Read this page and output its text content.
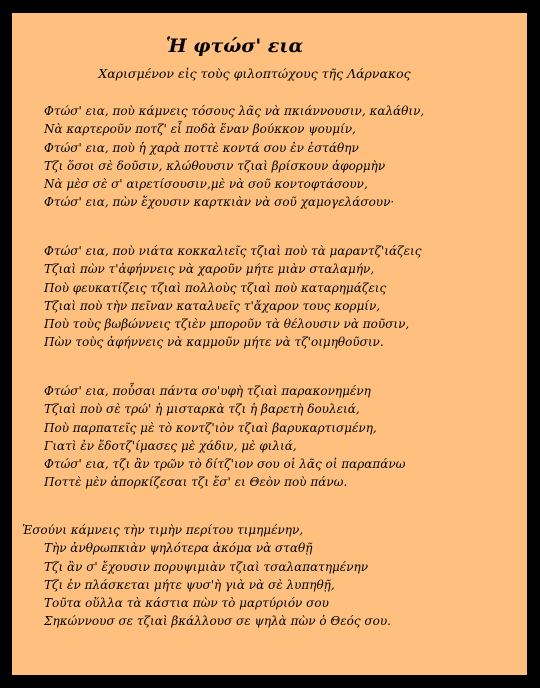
Ἡ φτώσ' εια
Χαρισμένον εἰς τοὺς φιλοπτώχους τῆς Λάρνακος
Φτώσ' εια, ποὺ κάμνεις τόσους λᾶς νὰ πκιάννουσιν, καλάθιν,
Νὰ καρτεροῦν ποτζ' εἶ ποδὰ ἕναν βούκκον ψουμίν,
Φτώσ' εια, ποὺ ἡ χαρὰ ποττὲ κοντά σου ἐν ἐστάθην
Τζι ὅσοι σὲ δοῦσιν, κλώθουσιν τζιαὶ βρίσκουν ἀφορμὴν
Νὰ μὲσ σὲ σ' αιρετίσουσιν,μὲ νὰ σοῦ κοντοφτάσουν,
Φτώσ' εια, πὼν ἔχουσιν καρτκιὰν νὰ σοῦ χαμογελάσουν·
Φτώσ' εια, ποὺ νιάτα κοκκαλιεῖς τζιαὶ ποὺ τὰ μαραντζ'ιάζεις
Τζιαὶ πὼν τ'ἀφήννεις νὰ χαροῦν μήτε μιὰν σταλαμήν,
Ποὺ φευκατίζεις τζιαὶ πολλοὺς τζιαὶ ποὺ καταρημάζεις
Τζιαὶ ποὺ τὴν πεῖναν καταλυεῖς τ'ἄχαρον τους κορμίν,
Ποὺ τοὺς βωβώννεις τζιὲν μποροῦν τὰ θέλουσιν νὰ ποῦσιν,
Πὼν τοὺς ἀφήννεις νὰ καμμοῦν μήτε νὰ τζ'οιμηθοῦσιν.
Φτώσ' εια, ποὖσαι πάντα σο'υφὴ τζιαὶ παρακονημένη
Τζιαὶ ποὺ σὲ τρώ' ἡ μισταρκὰ τζι ἡ βαρετὴ δουλειά,
Ποὺ παρπατεῖς μὲ τὸ κοντζ'ιὸν τζιαὶ βαρυκαρτισμένη,
Γιατὶ ἐν ἔδοτζ'ίμασες μὲ χάδιν, μὲ φιλιά,
Φτώσ' εια, τζι ἂν τρῶν τὸ δίτζ'ιον σου οἱ λᾶς οἱ παραπάνω
Ποττὲ μὲν ἀπορκίζεσαι τζι ἔσ' ει Θεὸν ποὺ πάνω.
Ἐσούνι κάμνεις τὴν τιμὴν περίτου τιμημένην,
Τὴν ἀνθρωπκιὰν ψηλότερα ἀκόμα νὰ σταθῇ
Τζι ἂν σ' ἔχουσιν πορυψιμιὰν τζιαὶ τσαλαπατημένην
Τζι ἐν πλάσκεται μήτε ψυσ'ὴ γιὰ νὰ σὲ λυπηθῇ,
Τοῦτα οὕλλα τὰ κάστια πὼν τὸ μαρτύριόν σου
Σηκώννουσ σε τζιαὶ βκάλλουσ σε ψηλὰ πὼν ὁ Θεός σου.
